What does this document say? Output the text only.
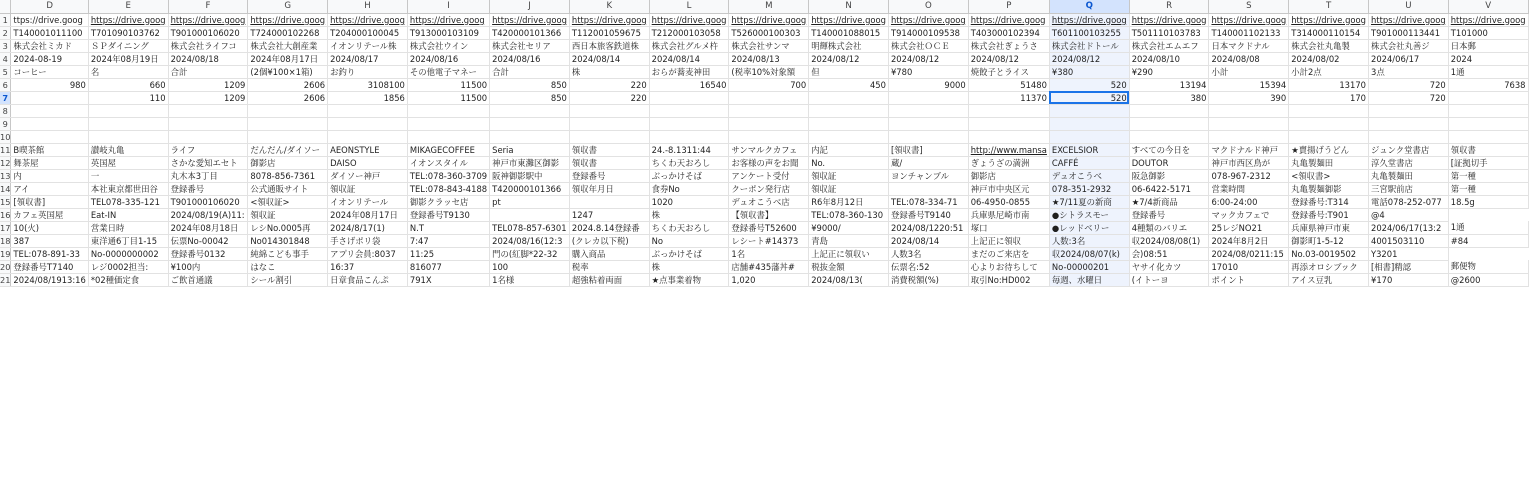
	D	E	F	G	H	I	J	K	L	M	N	O	P	Q	R	S	T	U	V
1	ttps://drive.goog	https://drive.goog	https://drive.goog	https://drive.goog	https://drive.goog	https://drive.goog	https://drive.goog	https://drive.goog	https://drive.goog	https://drive.goog	https://drive.goog	https://drive.goog	https://drive.goog	https://drive.goog	https://drive.goog	https://drive.goog	https://drive.goog	https://drive.goog	https://drive.goog
2	T140001011100	T701090103762	T901000106020	T724000102268	T204000100045	T913000103109	T420000101366	T112001059675	T212000103058	T526000100303	T140001088015	T914000109538	T403000102394	T601100103255	T501110103783	T140001102133	T314000110154	T901000113441	T101000
3	株式会社ミカド	ＳＰダイニング	株式会社ライフコ	株式会社大創産業	イオンリテール株	株式会社ウイン	株式会社セリア	西日本旅客鉄道株	株式会社グルメ杵	株式会社サンマ	明輝株式会社	株式会社ＯＣＥ	株式会社ぎょうさ	株式会社ドトール	株式会社エムエフ	日本マクドナル	株式会社丸亀製	株式会社丸善ジ	日本郵
4	2024-08-19	2024年08月19日	2024/08/18	2024年08月17日	2024/08/17	2024/08/16	2024/08/16	2024/08/14	2024/08/14	2024/08/13	2024/08/12	2024/08/12	2024/08/12	2024/08/12	2024/08/10	2024/08/08	2024/08/02	2024/06/17	2024
5	コーヒー	名	合計	(2個¥100×1箱)	お釣り	その他電子マネー	合計	株	おらが蕎麦神田	(税率10%対象額	但	¥780	焼餃子とライス	¥380	¥290	小計	小計2点	3点	1通
6	980	660	1209	2606	3108100	11500	850	220	16540	700	450	9000	51480	520	13194	15394	13170	720	7638
7		110	1209	2606	1856	11500	850	220					11370	520	380	390	170	720	
8																			
9																			
10																			
11	B喫茶館	讃岐丸亀	ライフ	だんだん/ダイソー	AEONSTYLE	MIKAGECOFFEE	Seria	領収書	24.-8.1311:44	サンマルクカフェ	内記	[領収書]	http://www.mansa	EXCELSIOR	すべての今日を	マクドナルド神戸	★賣揚げうどん	ジュンク堂書店	領収書
12	舞茶屋	英国屋	さかな愛知エセト	御影店	DAISO	イオンスタイル	神戸市東灘区御影	領収書	ちくわ天おろし	お客様の声をお聞	No.	蔵/	ぎょうざの満洲	CAFFÉ	DOUTOR	神戸市西区鳥が	丸亀製麺田	淳久堂書店	[証拠切手
13	内	一	丸木本3丁目	8078-856-7361	ダイソー神戸	TEL:078-360-3709	阪神御影駅中	登録番号	ぶっかけそば	アンケート受付	領収証	ヨンチャンブル	御影店	デュオこうべ	阪急御影	078-967-2312	<領収書>	丸亀製麺田	第一種
14	アイ	本社東京都世田谷	登録番号	公式通販サイト	領収証	TEL:078-843-4188	T420000101366	領収年月日	食券No	クーポン発行店	領収証		神戸市中央区元	078-351-2932	06-6422-5171	営業時間	丸亀製麺御影	三宮駅前店	第一種
15	[領収書]	TEL078-335-121	T901000106020	<領収証>	イオンリテール	御影クラッセ店	pt		1020	デュオこうべ店	R6年8月12日	TEL:078-334-71	06-4950-0855	★7/11夏の新商	★7/4新商品	6:00-24:00	登録番号:T314	電話078-252-077	18.5g
16	カフェ英国屋	Eat-IN	2024/08/19(A)11:	領収証	2024年08月17日	登録番号T9130		1247	株	【領収書】	TEL:078-360-130	登録番号T9140	兵庫県尼崎市南	●シトラスモー	登録番号	マックカフェで	登録番号:T901	@4	
17	10(火)	営業日時	2024年08月18日	レシNo.0005再	2024/8/17(1)	N.T	TEL078-857-6301	2024.8.14登録番	ちくわ天おろし	登録番号T52600	¥9000/	2024/08/1220:51	塚口	●レッドベリー	4種類のバリエ	25レジNO21	兵庫県神戸市東	2024/06/17(13:2	1通
18	387	東洋通6丁目1-15	伝票No-00042	No014301848	手さげポリ袋	7:47	2024/08/16(12:3	(クレカ以下税)	No	レシート#14373	青島	2024/08/14	上記正に領収	人数:3名	収2024/08/08(1)	2024年8月2日	御影町1-5-12	4001503110	#84
19	TEL:078-891-33	No-0000000002	登録番号0132	純綿こども事手	アプリ会員:8037	11:25	門の(紅脚*22-32	購入商品	ぶっかけそば	1名	上記正に領収い	人数3名	まだのご来店を	収2024/08/07(k)	会)08:51	2024/08/0211:15	No.03-0019502	Y3201	
20	登録番号T7140	レジ0002担当:	¥100内	はなこ	16:37	816077	100	税率	株	店舗#435藩丼#	税抜金額	伝票名:52	心よりお待ちして	No-00000201	ヤサイ化カツ	17010	再添オロシブック	[相書]精認	郵便物
21	2024/08/1913:16	*02種価定食	ご飲首通議	シール割引	日章食品こんぷ	791X	1名様	超強粘着両面	★点事業着物	1,020	2024/08/13(	消費税額(%)	取引No:HD002	毎週、水曜日	(イトーヨ	ポイント	アイス豆乳	¥170	@2600
